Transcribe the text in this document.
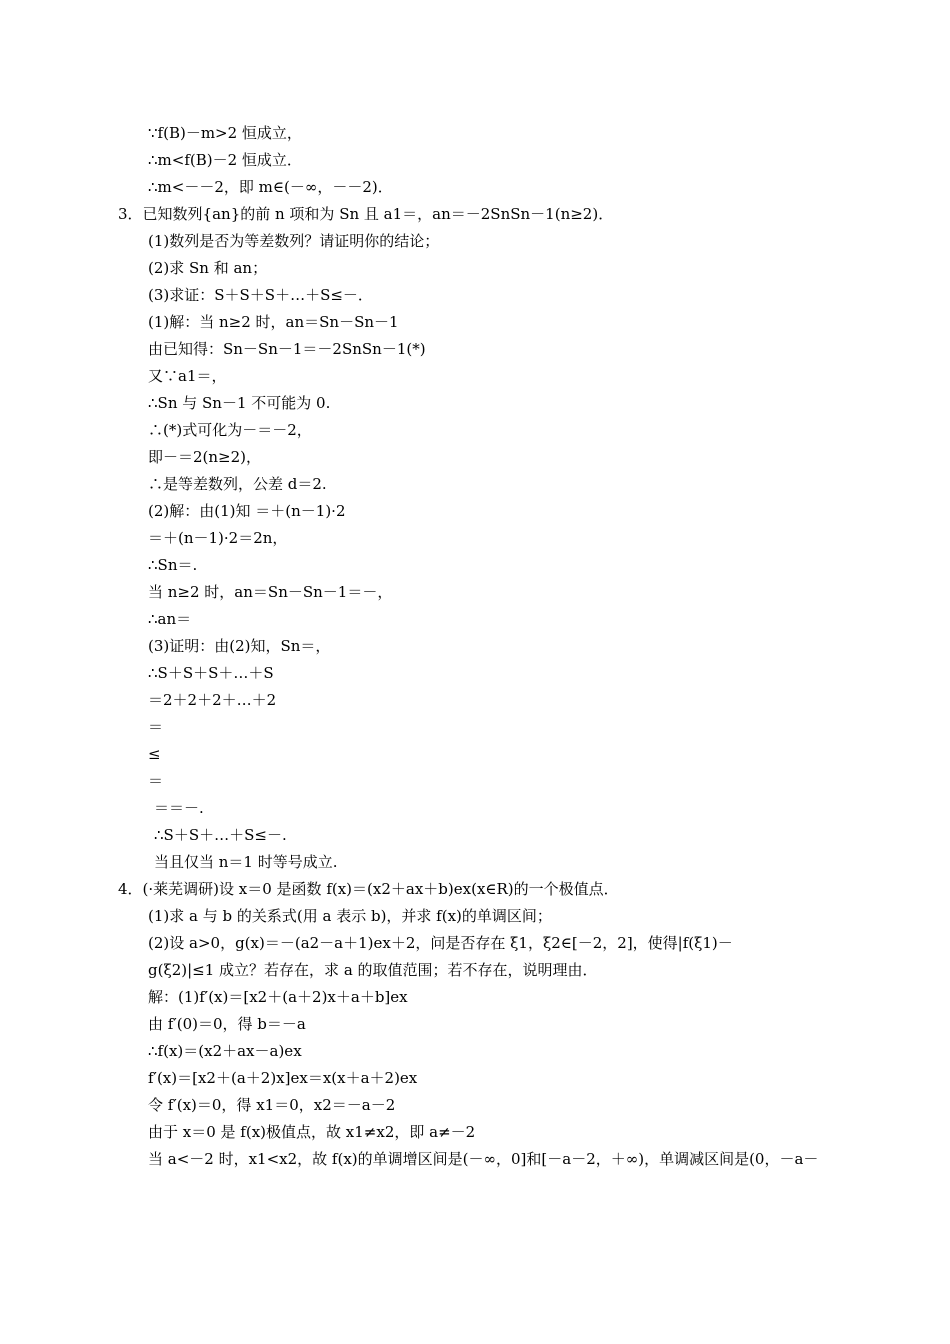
∵f(B)－m>2 恒成立，
∴m<f(B)－2 恒成立．
∴m<－－2，即 m∈(－∞，－－2)．
3．已知数列{an}的前 n 项和为 Sn 且 a1＝，an＝－2SnSn－1(n≥2)．
(1)数列是否为等差数列？请证明你的结论；
(2)求 Sn 和 an；
(3)求证：S＋S＋S＋…＋S≤－．
(1)解：当 n≥2 时，an＝Sn－Sn－1
由已知得：Sn－Sn－1＝－2SnSn－1(*)
又∵a1＝，
∴Sn 与 Sn－1 不可能为 0.
∴(*)式可化为－＝－2，
即－＝2(n≥2)，
∴是等差数列，公差 d＝2.
(2)解：由(1)知 ＝＋(n－1)·2
＝＋(n－1)·2＝2n，
∴Sn＝.
当 n≥2 时，an＝Sn－Sn－1＝－，
∴an＝
(3)证明：由(2)知，Sn＝，
∴S＋S＋S＋…＋S
＝2＋2＋2＋…＋2
＝
≤
＝
＝＝－.
∴S＋S＋…＋S≤－.
当且仅当 n＝1 时等号成立.
4．(·莱芜调研)设 x＝0 是函数 f(x)＝(x2＋ax＋b)ex(x∈R)的一个极值点．
(1)求 a 与 b 的关系式(用 a 表示 b)，并求 f(x)的单调区间；
(2)设 a>0，g(x)＝－(a2－a＋1)ex＋2，问是否存在 ξ1，ξ2∈[－2，2]，使得|f(ξ1)－
g(ξ2)|≤1 成立？若存在，求 a 的取值范围；若不存在，说明理由．
解：(1)f′(x)＝[x2＋(a＋2)x＋a＋b]ex
由 f′(0)＝0，得 b＝－a
∴f(x)＝(x2＋ax－a)ex
f′(x)＝[x2＋(a＋2)x]ex＝x(x＋a＋2)ex
令 f′(x)＝0，得 x1＝0，x2＝－a－2
由于 x＝0 是 f(x)极值点，故 x1≠x2，即 a≠－2
当 a<－2 时，x1<x2，故 f(x)的单调增区间是(－∞，0]和[－a－2，＋∞)，单调减区间是(0，－a－
